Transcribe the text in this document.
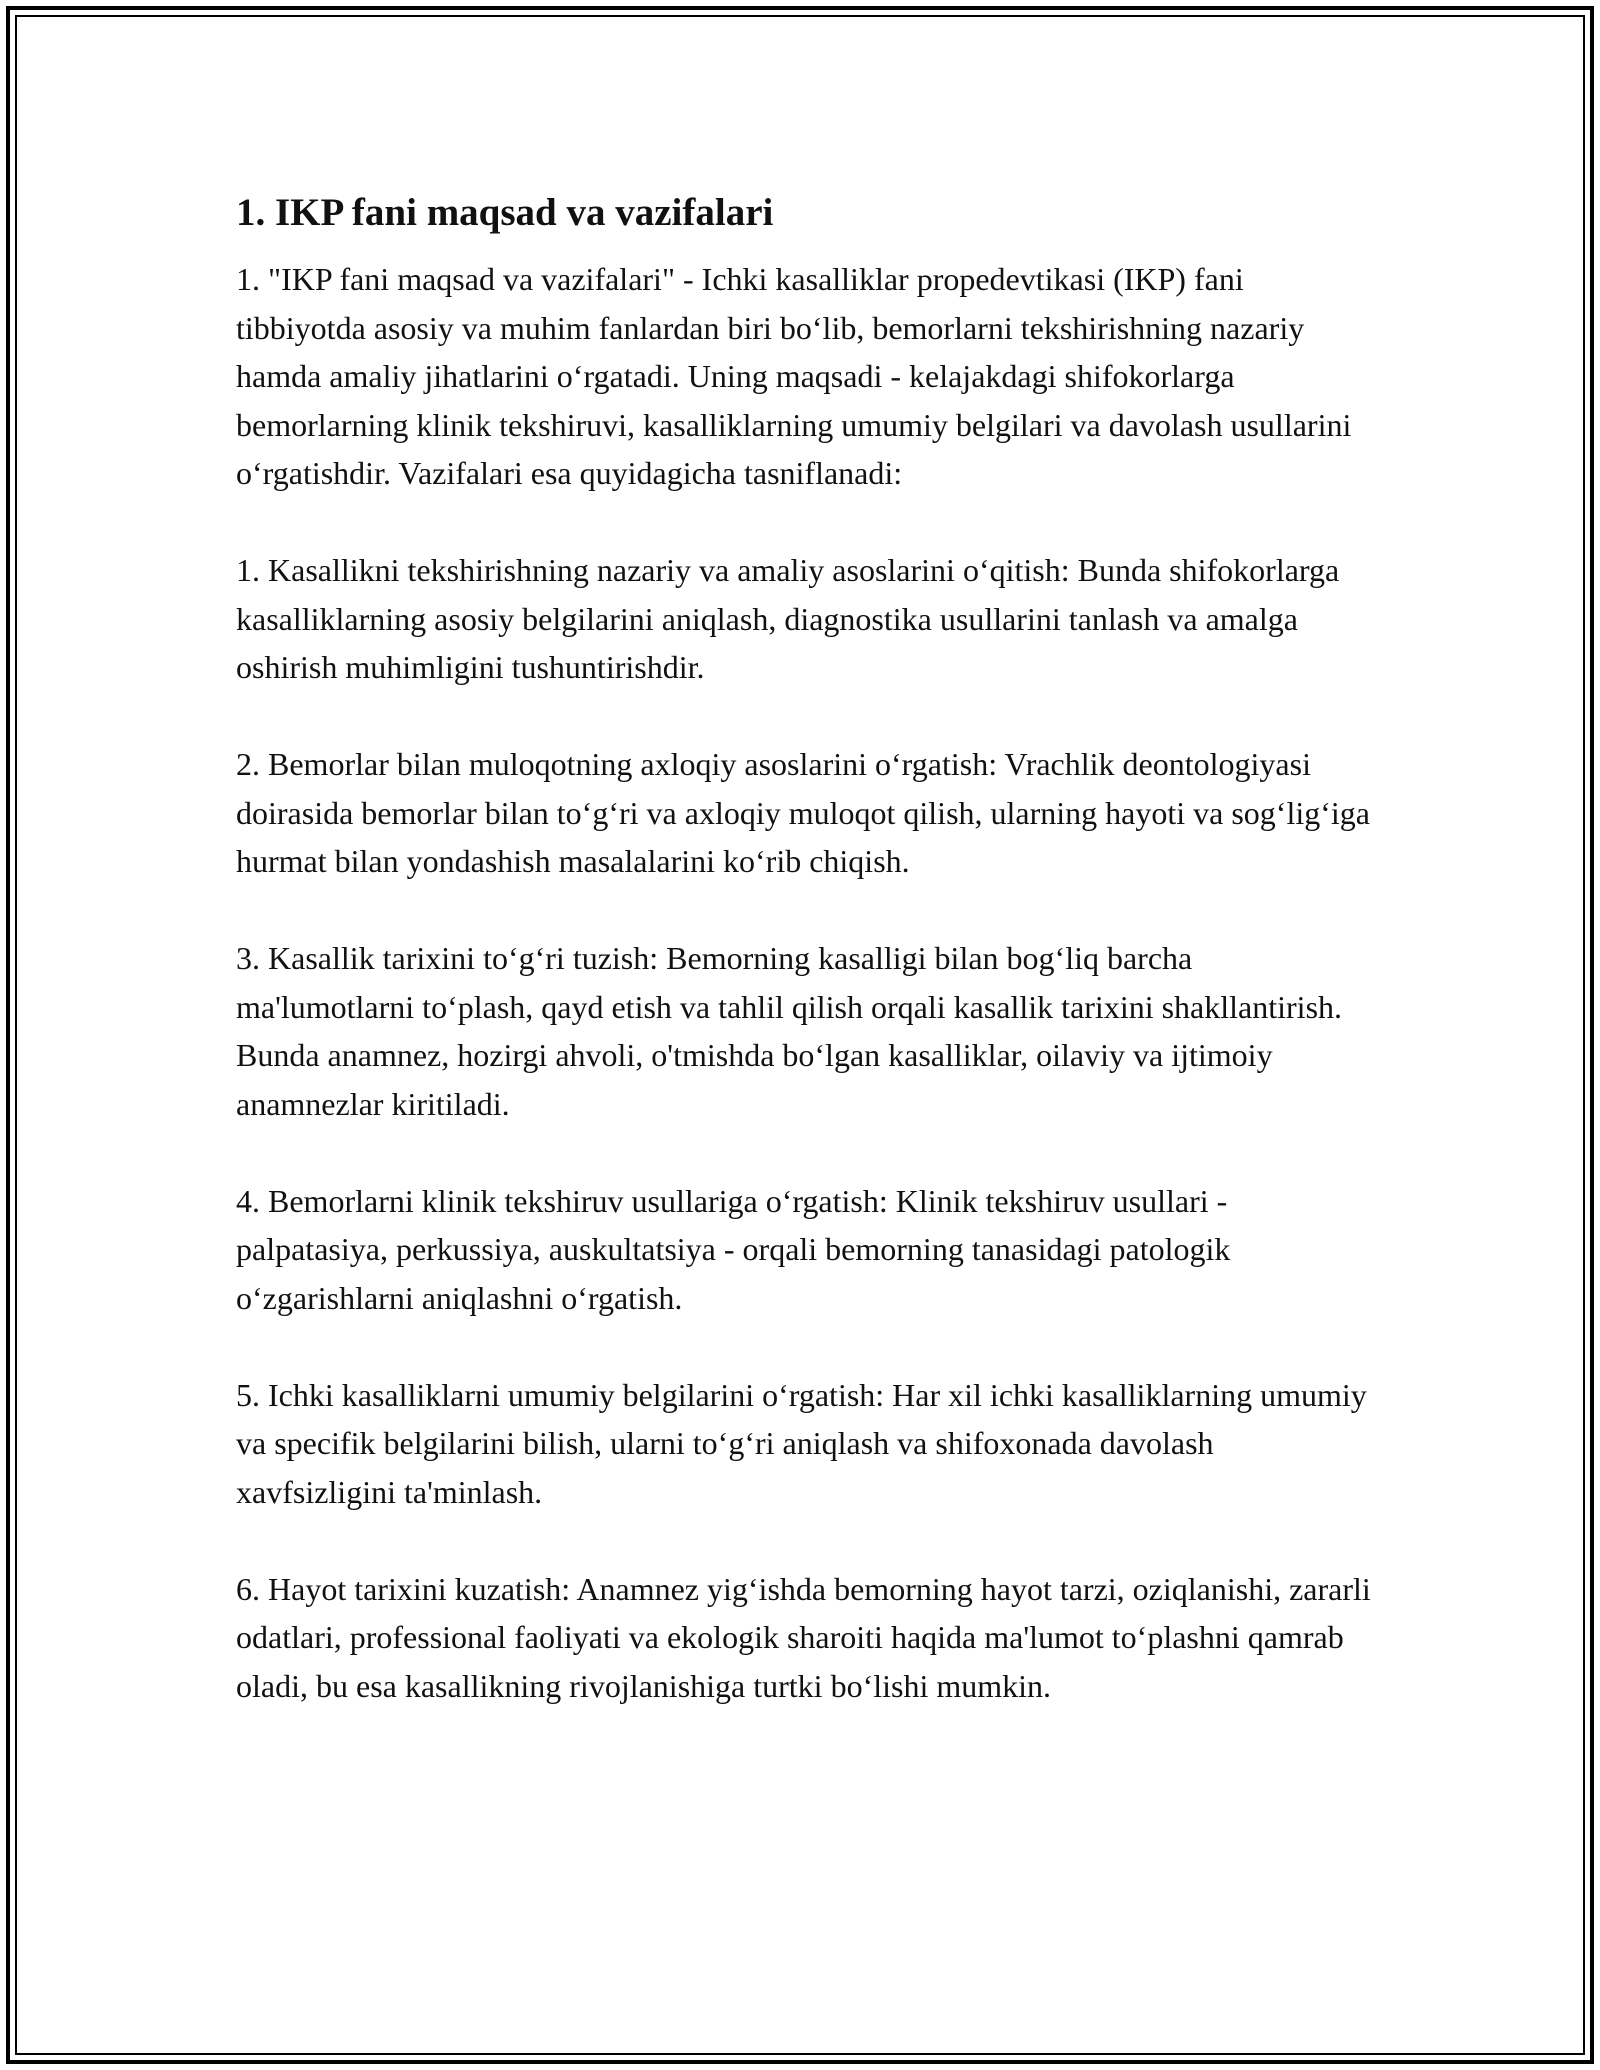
1. IKP fani maqsad va vazifalari

1. "IKP fani maqsad va vazifalari" - Ichki kasalliklar propedevtikasi (IKP) fani tibbiyotda asosiy va muhim fanlardan biri bo‘lib, bemorlarni tekshirishning nazariy hamda amaliy jihatlarini o‘rgatadi. Uning maqsadi - kelajakdagi shifokorlarga bemorlarning klinik tekshiruvi, kasalliklarning umumiy belgilari va davolash usullarini o‘rgatishdir. Vazifalari esa quyidagicha tasniflanadi:

1. Kasallikni tekshirishning nazariy va amaliy asoslarini o‘qitish: Bunda shifokorlarga kasalliklarning asosiy belgilarini aniqlash, diagnostika usullarini tanlash va amalga oshirish muhimligini tushuntirishdir.

2. Bemorlar bilan muloqotning axloqiy asoslarini o‘rgatish: Vrachlik deontologiyasi doirasida bemorlar bilan to‘g‘ri va axloqiy muloqot qilish, ularning hayoti va sog‘lig‘iga hurmat bilan yondashish masalalarini ko‘rib chiqish.

3. Kasallik tarixini to‘g‘ri tuzish: Bemorning kasalligi bilan bog‘liq barcha ma'lumotlarni to‘plash, qayd etish va tahlil qilish orqali kasallik tarixini shakllantirish. Bunda anamnez, hozirgi ahvoli, o'tmishda bo‘lgan kasalliklar, oilaviy va ijtimoiy anamnezlar kiritiladi.

4. Bemorlarni klinik tekshiruv usullariga o‘rgatish: Klinik tekshiruv usullari - palpatasiya, perkussiya, auskultatsiya - orqali bemorning tanasidagi patologik o‘zgarishlarni aniqlashni o‘rgatish.

5. Ichki kasalliklarni umumiy belgilarini o‘rgatish: Har xil ichki kasalliklarning umumiy va specifik belgilarini bilish, ularni to‘g‘ri aniqlash va shifoxonada davolash xavfsizligini ta'minlash.

6. Hayot tarixini kuzatish: Anamnez yig‘ishda bemorning hayot tarzi, oziqlanishi, zararli odatlari, professional faoliyati va ekologik sharoiti haqida ma'lumot to‘plashni qamrab oladi, bu esa kasallikning rivojlanishiga turtki bo‘lishi mumkin.
